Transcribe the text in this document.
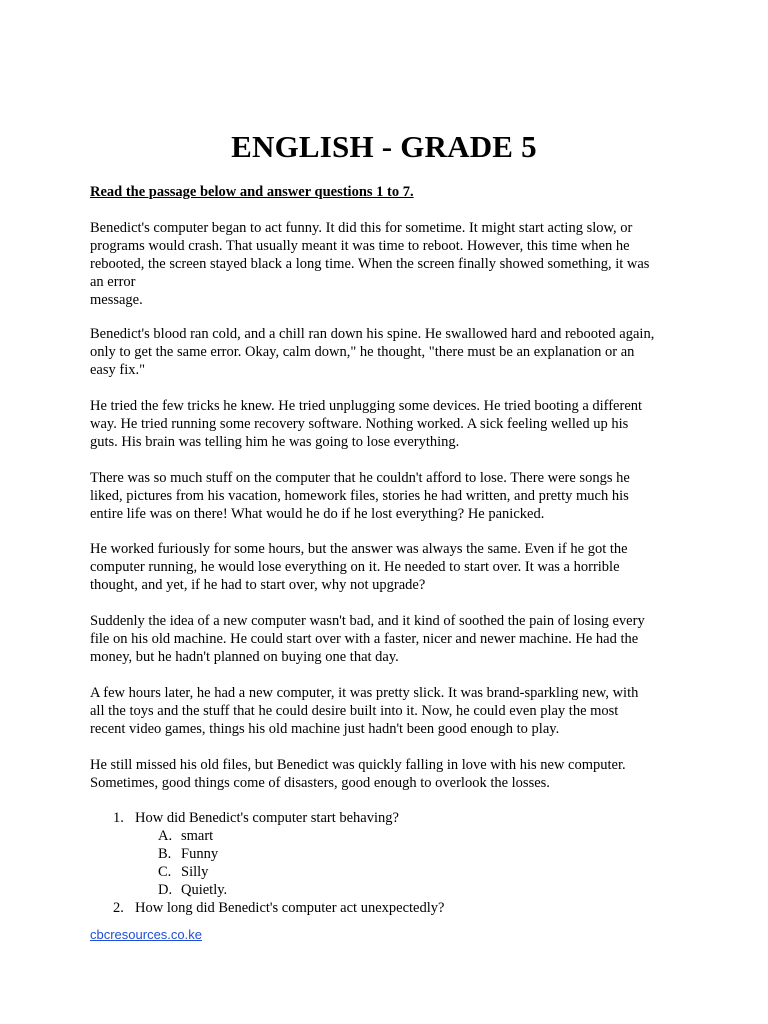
ENGLISH - GRADE 5
Read the passage below and answer questions 1 to 7.
Benedict's computer began to act funny. It did this for sometime. It might start acting slow, or
programs would crash. That usually meant it was time to reboot. However, this time when he
rebooted, the screen stayed black a long time. When the screen finally showed something, it was
an error
message.
Benedict's blood ran cold, and a chill ran down his spine. He swallowed hard and rebooted again,
only to get the same error. Okay, calm down," he thought, "there must be an explanation or an
easy fix."
He tried the few tricks he knew. He tried unplugging some devices. He tried booting a different
way. He tried running some recovery software. Nothing worked. A sick feeling welled up his
guts. His brain was telling him he was going to lose everything.
There was so much stuff on the computer that he couldn't afford to lose. There were songs he
liked, pictures from his vacation, homework files, stories he had written, and pretty much his
entire life was on there! What would he do if he lost everything? He panicked.
He worked furiously for some hours, but the answer was always the same. Even if he got the
computer running, he would lose everything on it. He needed to start over. It was a horrible
thought, and yet, if he had to start over, why not upgrade?
Suddenly the idea of a new computer wasn't bad, and it kind of soothed the pain of losing every
file on his old machine. He could start over with a faster, nicer and newer machine. He had the
money, but he hadn't planned on buying one that day.
A few hours later, he had a new computer, it was pretty slick. It was brand-sparkling new, with
all the toys and the stuff that he could desire built into it. Now, he could even play the most
recent video games, things his old machine just hadn't been good enough to play.
He still missed his old files, but Benedict was quickly falling in love with his new computer.
Sometimes, good things come of disasters, good enough to overlook the losses.
1. How did Benedict's computer start behaving?
A. smart
B. Funny
C. Silly
D. Quietly.
2. How long did Benedict's computer act unexpectedly?
cbcresources.co.ke
